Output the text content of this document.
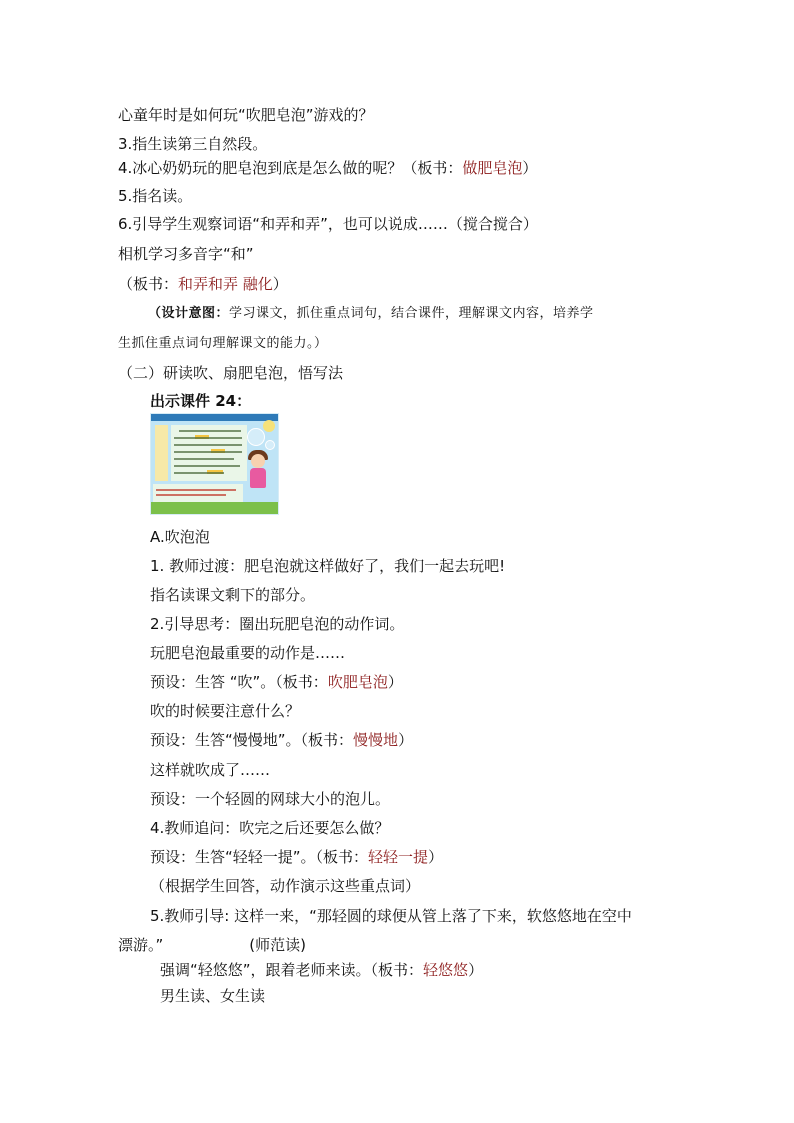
心童年时是如何玩“吹肥皂泡”游戏的？
3.指生读第三自然段。
4.冰心奶奶玩的肥皂泡到底是怎么做的呢？（板书：做肥皂泡）
5.指名读。
6.引导学生观察词语“和弄和弄”，也可以说成……（搅合搅合）
相机学习多音字“和”
（板书：和弄和弄 融化）
（设计意图：学习课文，抓住重点词句，结合课件，理解课文内容，培养学
生抓住重点词句理解课文的能力。）
（二）研读吹、扇肥皂泡，悟写法
出示课件 24：
A.吹泡泡
1. 教师过渡：肥皂泡就这样做好了，我们一起去玩吧!
指名读课文剩下的部分。
2.引导思考：圈出玩肥皂泡的动作词。
玩肥皂泡最重要的动作是……
预设：生答 “吹”。（板书：吹肥皂泡）
吹的时候要注意什么？
预设：生答“慢慢地”。（板书：慢慢地）
这样就吹成了……
预设：一个轻圆的网球大小的泡儿。
4.教师追问：吹完之后还要怎么做？
预设：生答“轻轻一提”。（板书：轻轻一提）
（根据学生回答，动作演示这些重点词）
5.教师引导: 这样一来，“那轻圆的球便从管上落了下来，软悠悠地在空中
漂游。”	(师范读)
强调“轻悠悠”，跟着老师来读。（板书：轻悠悠）
男生读、女生读
